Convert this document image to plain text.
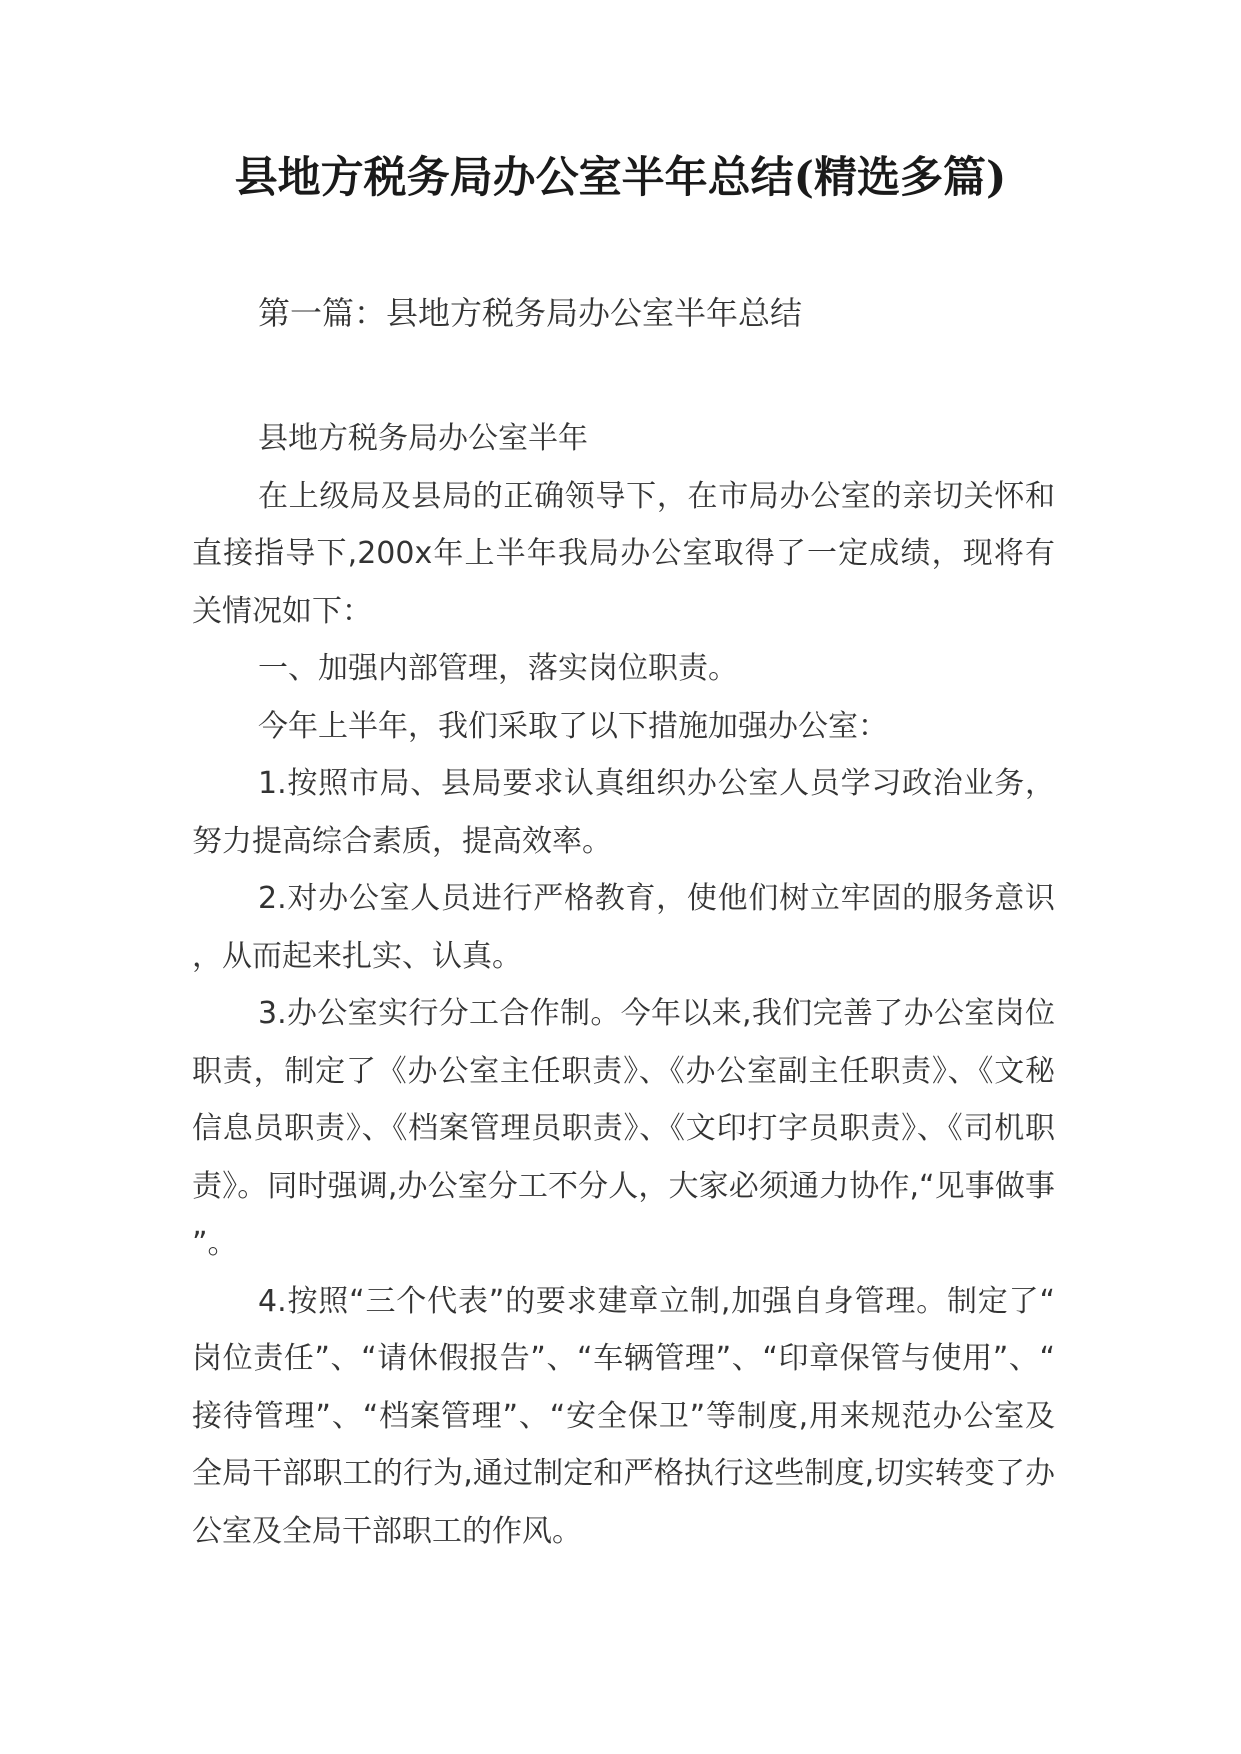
县地方税务局办公室半年总结(精选多篇)
第一篇：县地方税务局办公室半年总结

县地方税务局办公室半年

在上级局及县局的正确领导下，在市局办公室的亲切关怀和直接指导下,200x年上半年我局办公室取得了一定成绩，现将有关情况如下：

一、加强内部管理，落实岗位职责。

今年上半年，我们采取了以下措施加强办公室：

1.按照市局、县局要求认真组织办公室人员学习政治业务，努力提高综合素质，提高效率。

2.对办公室人员进行严格教育，使他们树立牢固的服务意识，从而起来扎实、认真。

3.办公室实行分工合作制。今年以来,我们完善了办公室岗位职责，制定了《办公室主任职责》、《办公室副主任职责》、《文秘信息员职责》、《档案管理员职责》、《文印打字员职责》、《司机职责》。同时强调,办公室分工不分人，大家必须通力协作,“见事做事”。

4.按照“三个代表”的要求建章立制,加强自身管理。制定了“岗位责任”、“请休假报告”、“车辆管理”、“印章保管与使用”、“接待管理”、“档案管理”、“安全保卫”等制度,用来规范办公室及全局干部职工的行为,通过制定和严格执行这些制度,切实转变了办公室及全局干部职工的作风。
